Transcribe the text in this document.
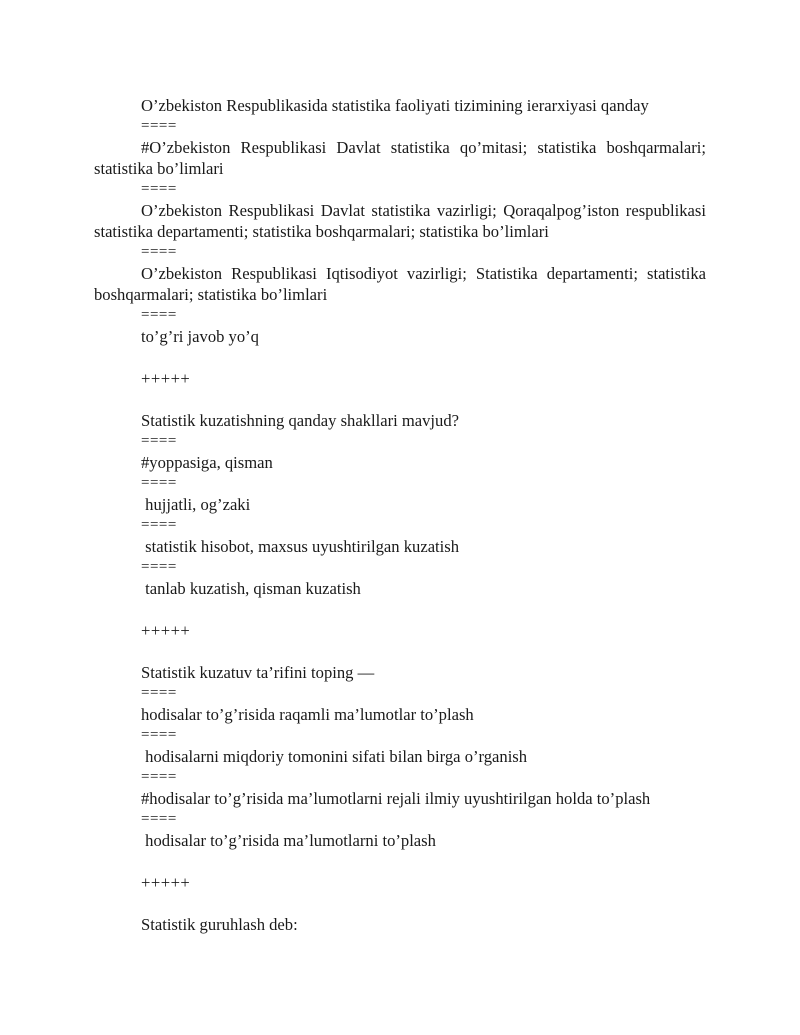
O’zbekiston Respublikasida statistika faoliyati tizimining ierarxiyasi qanday

====

#O’zbekiston Respublikasi Davlat statistika qo’mitasi; statistika boshqarmalari; statistika bo’limlari

====

O’zbekiston Respublikasi Davlat statistika vazirligi; Qoraqalpog’iston respublikasi statistika departamenti; statistika boshqarmalari; statistika bo’limlari

====

O’zbekiston Respublikasi Iqtisodiyot vazirligi; Statistika departamenti; statistika boshqarmalari; statistika bo’limlari

====

to’g’ri javob yo’q

+++++

Statistik kuzatishning qanday shakllari mavjud?

====

#yoppasiga, qisman

====

hujjatli, og’zaki

====

statistik hisobot, maxsus uyushtirilgan kuzatish

====

tanlab kuzatish, qisman kuzatish

+++++

Statistik kuzatuv ta’rifini toping —

====

hodisalar to’g’risida raqamli ma’lumotlar to’plash

====

hodisalarni miqdoriy tomonini sifati bilan birga o’rganish

====

#hodisalar to’g’risida ma’lumotlarni rejali ilmiy uyushtirilgan holda to’plash

====

hodisalar to’g’risida ma’lumotlarni to’plash

+++++

Statistik guruhlash deb:
